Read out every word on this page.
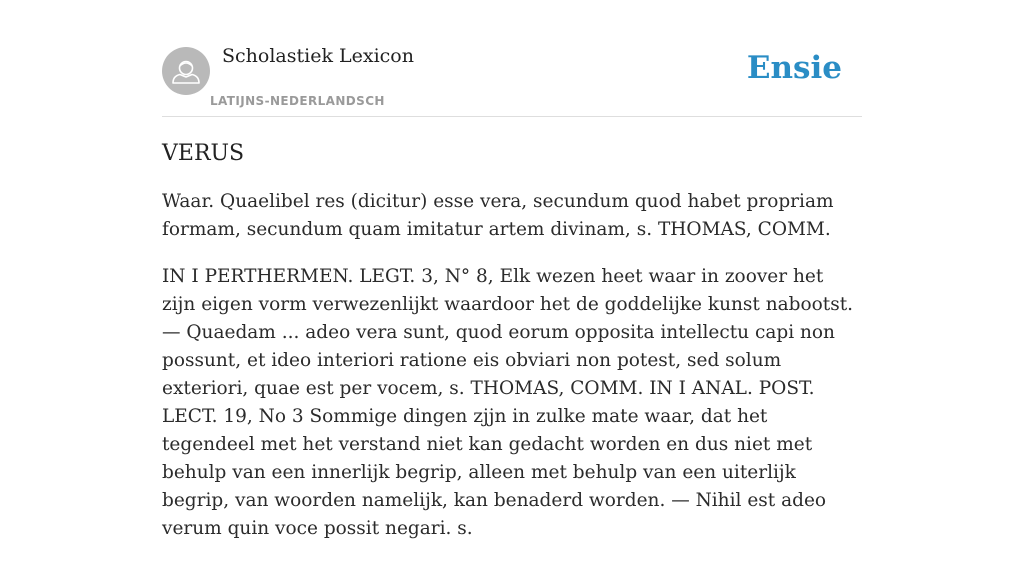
Scholastiek Lexicon
LATIJNS-NEDERLANDSCH
Ensie
VERUS

Waar. Quaelibel res (dicitur) esse vera, secundum quod habet propriam formam, secundum quam imitatur artem divinam, s. THOMAS, COMM.

IN I PERTHERMEN. LEGT. 3, N° 8, Elk wezen heet waar in zoover het zijn eigen vorm verwezenlijkt waardoor het de goddelijke kunst nabootst. — Quaedam ... adeo vera sunt, quod eorum opposita intellectu capi non possunt, et ideo interiori ratione eis obviari non potest, sed solum exteriori, quae est per vocem, s. THOMAS, COMM. IN I ANAL. POST. LECT. 19, No 3 Sommige dingen zjjn in zulke mate waar, dat het tegendeel met het verstand niet kan gedacht worden en dus niet met behulp van een innerlijk begrip, alleen met behulp van een uiterlijk begrip, van woorden namelijk, kan benaderd worden. — Nihil est adeo verum quin voce possit negari. s.
